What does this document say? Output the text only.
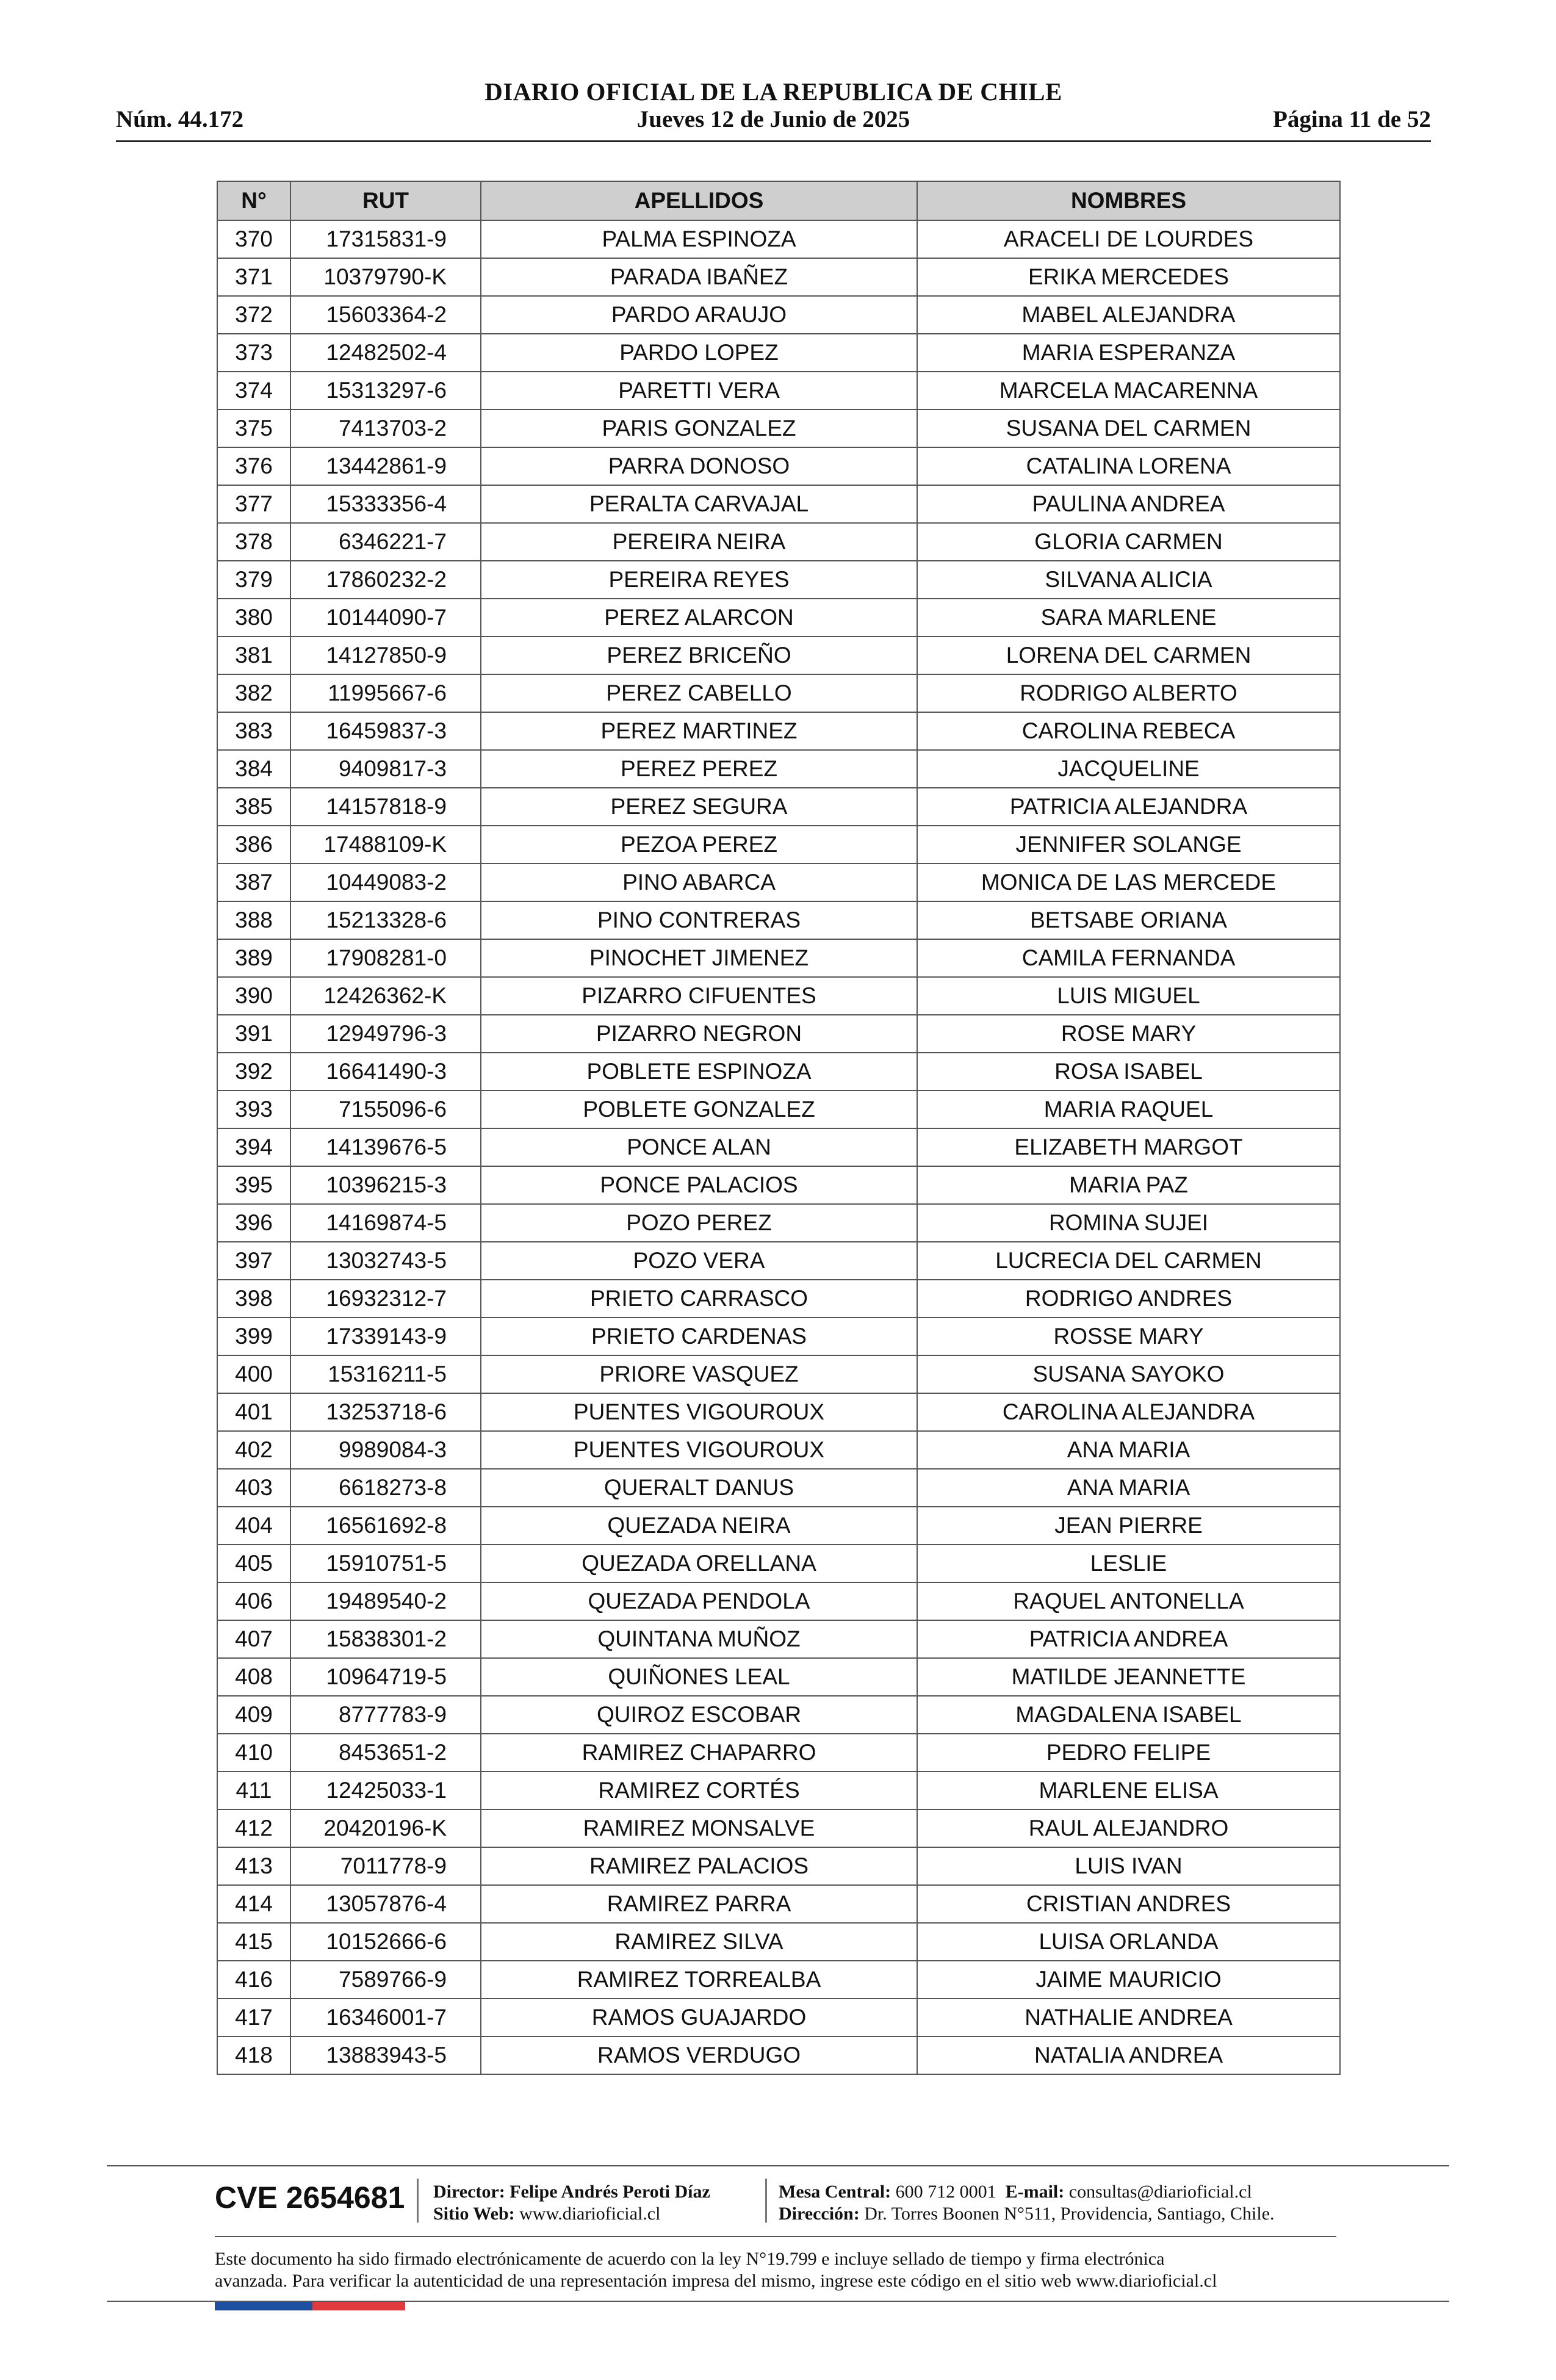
DIARIO OFICIAL DE LA REPUBLICA DE CHILE
Núm. 44.172	Jueves 12 de Junio de 2025	Página 11 de 52
N°	RUT	APELLIDOS	NOMBRES
370	17315831-9	PALMA ESPINOZA	ARACELI DE LOURDES
371	10379790-K	PARADA IBAÑEZ	ERIKA MERCEDES
372	15603364-2	PARDO ARAUJO	MABEL ALEJANDRA
373	12482502-4	PARDO LOPEZ	MARIA ESPERANZA
374	15313297-6	PARETTI VERA	MARCELA MACARENNA
375	7413703-2	PARIS GONZALEZ	SUSANA DEL CARMEN
376	13442861-9	PARRA DONOSO	CATALINA LORENA
377	15333356-4	PERALTA CARVAJAL	PAULINA ANDREA
378	6346221-7	PEREIRA NEIRA	GLORIA CARMEN
379	17860232-2	PEREIRA REYES	SILVANA ALICIA
380	10144090-7	PEREZ ALARCON	SARA MARLENE
381	14127850-9	PEREZ BRICEÑO	LORENA DEL CARMEN
382	11995667-6	PEREZ CABELLO	RODRIGO ALBERTO
383	16459837-3	PEREZ MARTINEZ	CAROLINA REBECA
384	9409817-3	PEREZ PEREZ	JACQUELINE
385	14157818-9	PEREZ SEGURA	PATRICIA ALEJANDRA
386	17488109-K	PEZOA PEREZ	JENNIFER SOLANGE
387	10449083-2	PINO ABARCA	MONICA DE LAS MERCEDE
388	15213328-6	PINO CONTRERAS	BETSABE ORIANA
389	17908281-0	PINOCHET JIMENEZ	CAMILA FERNANDA
390	12426362-K	PIZARRO CIFUENTES	LUIS MIGUEL
391	12949796-3	PIZARRO NEGRON	ROSE MARY
392	16641490-3	POBLETE ESPINOZA	ROSA ISABEL
393	7155096-6	POBLETE GONZALEZ	MARIA RAQUEL
394	14139676-5	PONCE ALAN	ELIZABETH MARGOT
395	10396215-3	PONCE PALACIOS	MARIA PAZ
396	14169874-5	POZO PEREZ	ROMINA SUJEI
397	13032743-5	POZO VERA	LUCRECIA DEL CARMEN
398	16932312-7	PRIETO CARRASCO	RODRIGO ANDRES
399	17339143-9	PRIETO CARDENAS	ROSSE MARY
400	15316211-5	PRIORE VASQUEZ	SUSANA SAYOKO
401	13253718-6	PUENTES VIGOUROUX	CAROLINA ALEJANDRA
402	9989084-3	PUENTES VIGOUROUX	ANA MARIA
403	6618273-8	QUERALT DANUS	ANA MARIA
404	16561692-8	QUEZADA NEIRA	JEAN PIERRE
405	15910751-5	QUEZADA ORELLANA	LESLIE
406	19489540-2	QUEZADA PENDOLA	RAQUEL ANTONELLA
407	15838301-2	QUINTANA MUÑOZ	PATRICIA ANDREA
408	10964719-5	QUIÑONES LEAL	MATILDE JEANNETTE
409	8777783-9	QUIROZ ESCOBAR	MAGDALENA ISABEL
410	8453651-2	RAMIREZ CHAPARRO	PEDRO FELIPE
411	12425033-1	RAMIREZ CORTÉS	MARLENE ELISA
412	20420196-K	RAMIREZ MONSALVE	RAUL ALEJANDRO
413	7011778-9	RAMIREZ PALACIOS	LUIS IVAN
414	13057876-4	RAMIREZ PARRA	CRISTIAN ANDRES
415	10152666-6	RAMIREZ SILVA	LUISA ORLANDA
416	7589766-9	RAMIREZ TORREALBA	JAIME MAURICIO
417	16346001-7	RAMOS GUAJARDO	NATHALIE ANDREA
418	13883943-5	RAMOS VERDUGO	NATALIA ANDREA
CVE 2654681 Director: Felipe Andrés Peroti Díaz
Sitio Web: www.diarioficial.cl
Mesa Central: 600 712 0001 E-mail: consultas@diarioficial.cl
Dirección: Dr. Torres Boonen N°511, Providencia, Santiago, Chile.
Este documento ha sido firmado electrónicamente de acuerdo con la ley N°19.799 e incluye sellado de tiempo y firma electrónica
avanzada. Para verificar la autenticidad de una representación impresa del mismo, ingrese este código en el sitio web www.diarioficial.cl
